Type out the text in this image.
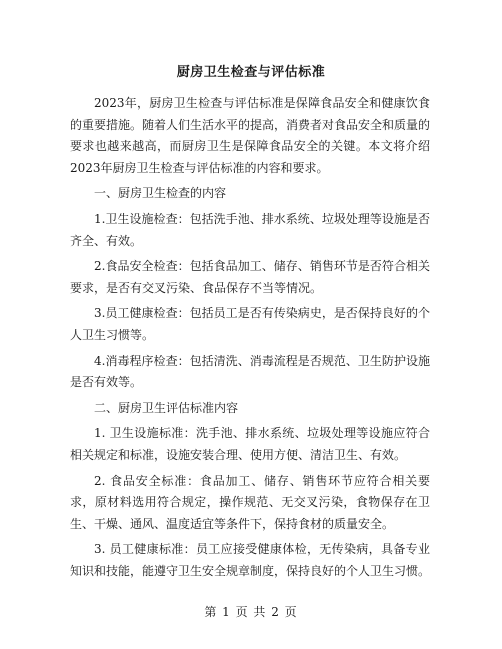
厨房卫生检查与评估标准

2023年，厨房卫生检查与评估标准是保障食品安全和健康饮食的重要措施。随着人们生活水平的提高，消费者对食品安全和质量的要求也越来越高，而厨房卫生是保障食品安全的关键。本文将介绍2023年厨房卫生检查与评估标准的内容和要求。

一、厨房卫生检查的内容

1.卫生设施检查：包括洗手池、排水系统、垃圾处理等设施是否齐全、有效。

2.食品安全检查：包括食品加工、储存、销售环节是否符合相关要求，是否有交叉污染、食品保存不当等情况。

3.员工健康检查：包括员工是否有传染病史，是否保持良好的个人卫生习惯等。

4.消毒程序检查：包括清洗、消毒流程是否规范、卫生防护设施是否有效等。

二、厨房卫生评估标准内容

1. 卫生设施标准：洗手池、排水系统、垃圾处理等设施应符合相关规定和标准，设施安装合理、使用方便、清洁卫生、有效。

2. 食品安全标准：食品加工、储存、销售环节应符合相关要求，原材料选用符合规定，操作规范、无交叉污染，食物保存在卫生、干燥、通风、温度适宜等条件下，保持食材的质量安全。

3. 员工健康标准：员工应接受健康体检，无传染病，具备专业知识和技能，能遵守卫生安全规章制度，保持良好的个人卫生习惯。

第 1 页 共 2 页
